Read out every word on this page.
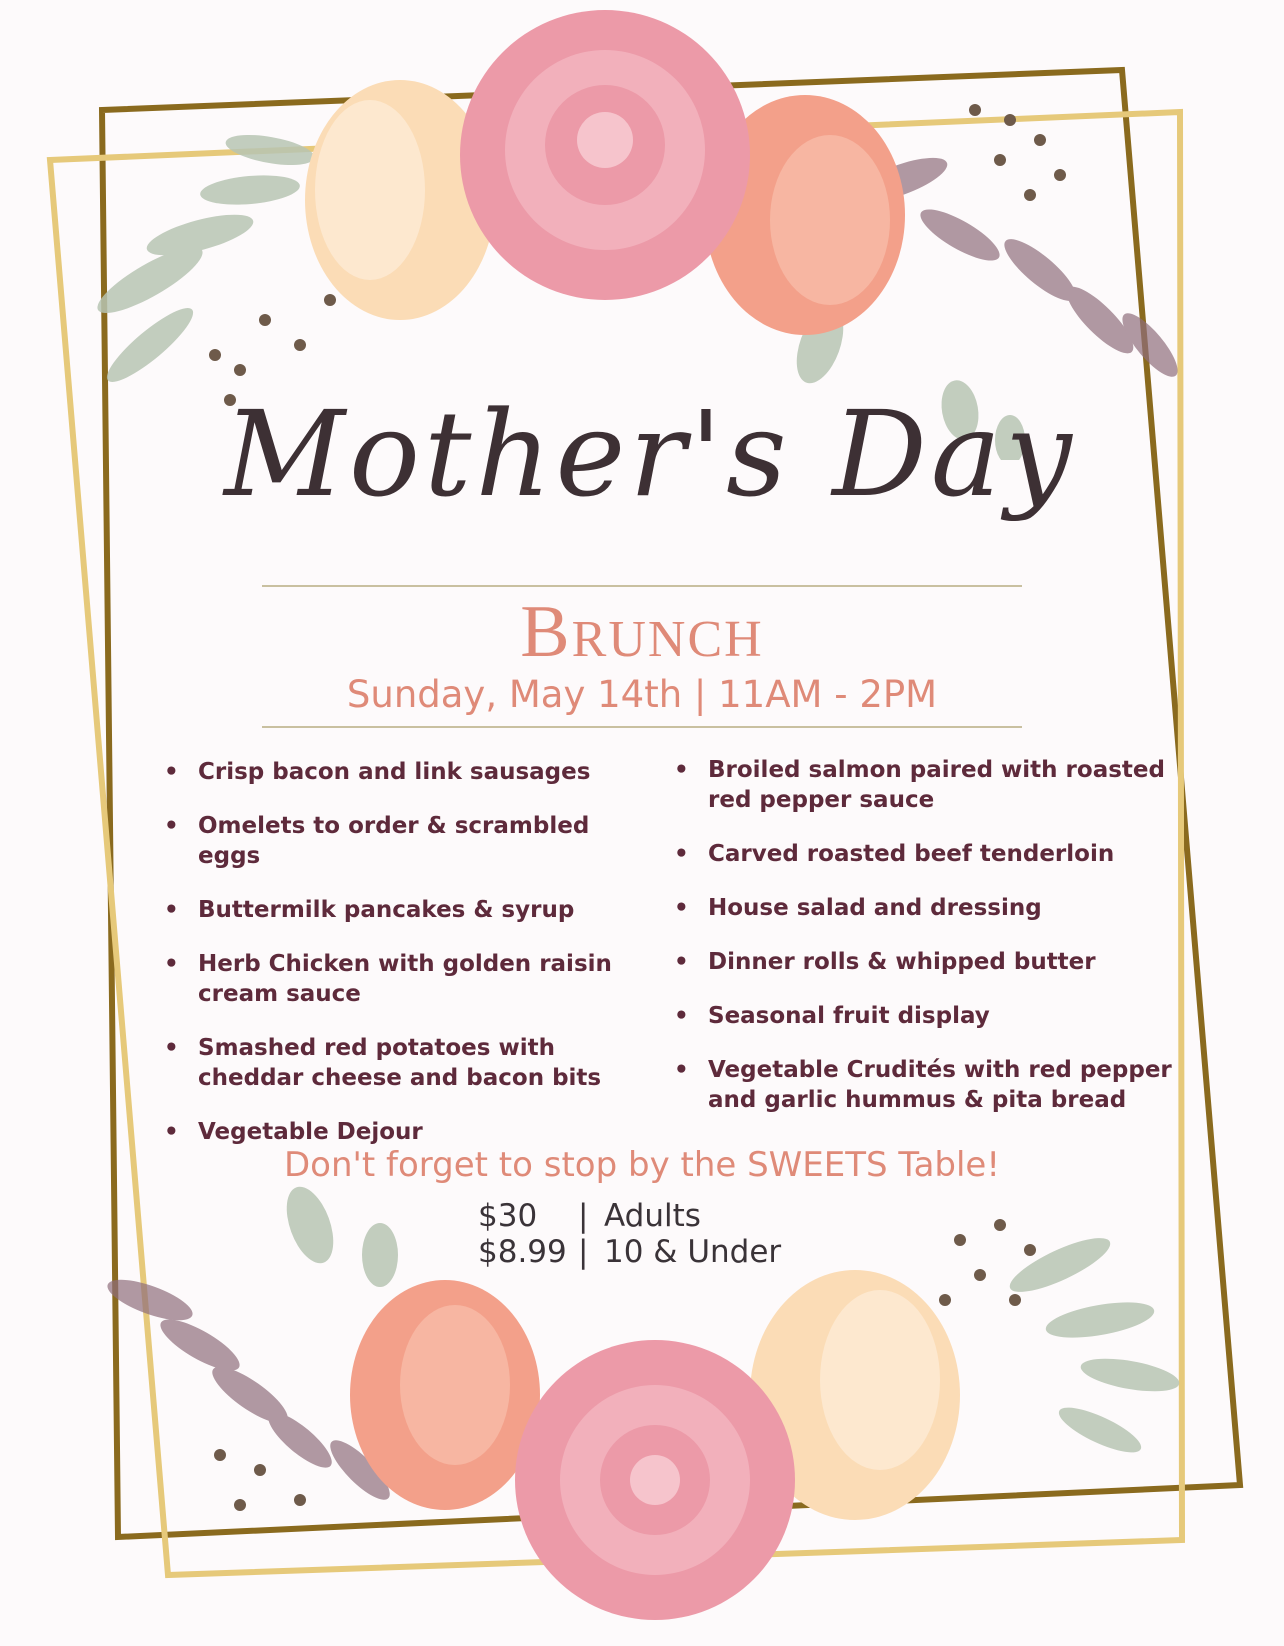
Mother's Day
Brunch
Sunday, May 14th | 11AM - 2PM
• Crisp bacon and link sausages
• Omelets to order & scrambled eggs
• Buttermilk pancakes & syrup
• Herb Chicken with golden raisin cream sauce
• Smashed red potatoes with cheddar cheese and bacon bits
• Vegetable Dejour
• Broiled salmon paired with roasted red pepper sauce
• Carved roasted beef tenderloin
• House salad and dressing
• Dinner rolls & whipped butter
• Seasonal fruit display
• Vegetable Crudités with red pepper and garlic hummus & pita bread
Don't forget to stop by the SWEETS Table!
$30	| Adults
$8.99 | 10 & Under
